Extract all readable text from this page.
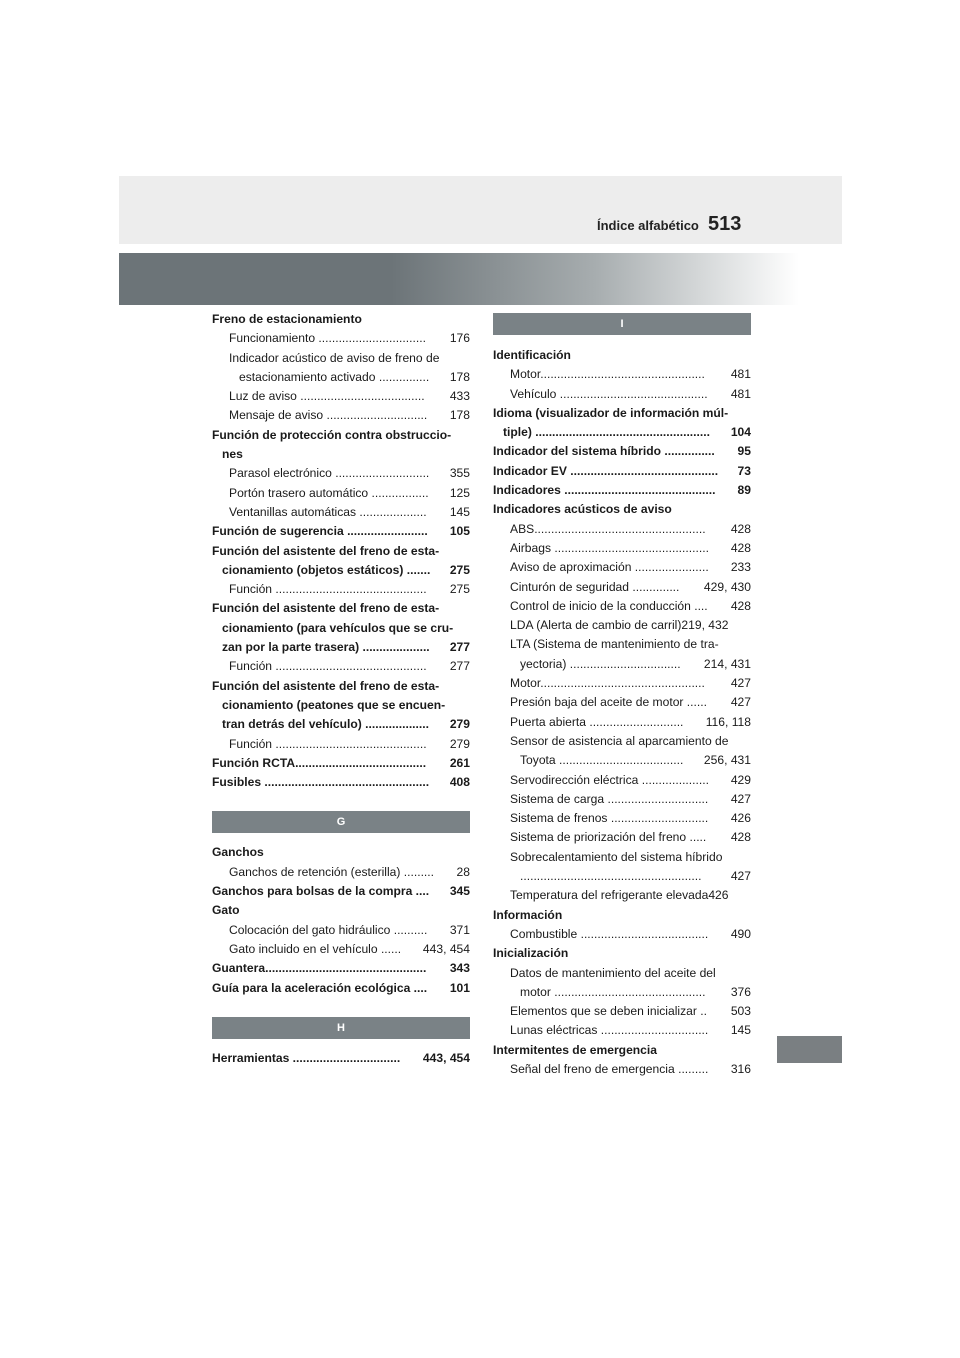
Índice alfabético 513
Freno de estacionamiento
Funcionamiento ................................ 176
Indicador acústico de aviso de freno de
estacionamiento activado ............... 178
Luz de aviso ..................................... 433
Mensaje de aviso .............................. 178
Función de protección contra obstruccio-
nes
Parasol electrónico ............................ 355
Portón trasero automático ................. 125
Ventanillas automáticas .................... 145
Función de sugerencia ........................ 105
Función del asistente del freno de esta-
cionamiento (objetos estáticos) ....... 275
Función ............................................. 275
Función del asistente del freno de esta-
cionamiento (para vehículos que se cru-
zan por la parte trasera) .................... 277
Función ............................................. 277
Función del asistente del freno de esta-
cionamiento (peatones que se encuen-
tran detrás del vehículo) ................... 279
Función ............................................. 279
Función RCTA....................................... 261
Fusibles ................................................. 408
G
Ganchos
Ganchos de retención (esterilla) ......... 28
Ganchos para bolsas de la compra .... 345
Gato
Colocación del gato hidráulico .......... 371
Gato incluido en el vehículo ...... 443, 454
Guantera................................................ 343
Guía para la aceleración ecológica .... 101
H
Herramientas ................................ 443, 454
I
Identificación
Motor................................................. 481
Vehículo ............................................ 481
Idioma (visualizador de información múl-
tiple) .................................................... 104
Indicador del sistema híbrido ............... 95
Indicador EV ............................................ 73
Indicadores ............................................. 89
Indicadores acústicos de aviso
ABS................................................... 428
Airbags .............................................. 428
Aviso de aproximación ...................... 233
Cinturón de seguridad .............. 429, 430
Control de inicio de la conducción .... 428
LDA (Alerta de cambio de carril)219, 432
LTA (Sistema de mantenimiento de tra-
yectoria) ................................. 214, 431
Motor................................................. 427
Presión baja del aceite de motor ...... 427
Puerta abierta ............................ 116, 118
Sensor de asistencia al aparcamiento de
Toyota ..................................... 256, 431
Servodirección eléctrica .................... 429
Sistema de carga .............................. 427
Sistema de frenos ............................. 426
Sistema de priorización del freno ..... 428
Sobrecalentamiento del sistema híbrido
...................................................... 427
Temperatura del refrigerante elevada426
Información
Combustible ...................................... 490
Inicialización
Datos de mantenimiento del aceite del
motor ............................................. 376
Elementos que se deben inicializar .. 503
Lunas eléctricas ................................ 145
Intermitentes de emergencia
Señal del freno de emergencia ......... 316
